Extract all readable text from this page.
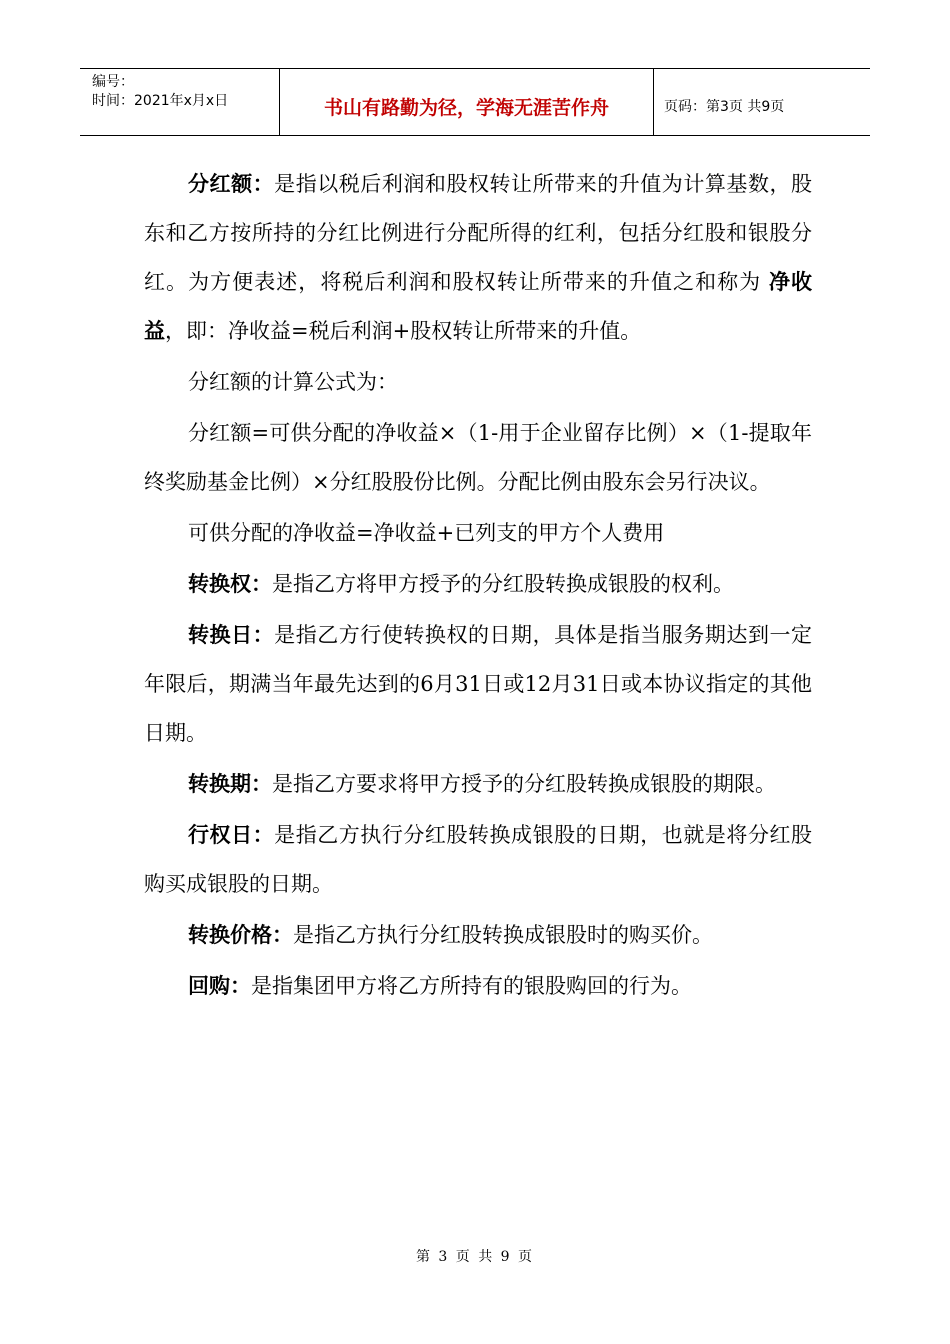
编号：
时间：2021年x月x日	书山有路勤为径，学海无涯苦作舟	页码：第3页 共9页

分红额：是指以税后利润和股权转让所带来的升值为计算基数，股东和乙方按所持的分红比例进行分配所得的红利，包括分红股和银股分红。为方便表述，将税后利润和股权转让所带来的升值之和称为 净收益，即：净收益=税后利润+股权转让所带来的升值。

分红额的计算公式为：

分红额=可供分配的净收益×（1-用于企业留存比例）×（1-提取年终奖励基金比例）×分红股股份比例。分配比例由股东会另行决议。

可供分配的净收益=净收益+已列支的甲方个人费用

转换权：是指乙方将甲方授予的分红股转换成银股的权利。

转换日：是指乙方行使转换权的日期，具体是指当服务期达到一定年限后，期满当年最先达到的6月31日或12月31日或本协议指定的其他日期。

转换期：是指乙方要求将甲方授予的分红股转换成银股的期限。

行权日：是指乙方执行分红股转换成银股的日期，也就是将分红股购买成银股的日期。

转换价格：是指乙方执行分红股转换成银股时的购买价。

回购：是指集团甲方将乙方所持有的银股购回的行为。

第 3 页 共 9 页
